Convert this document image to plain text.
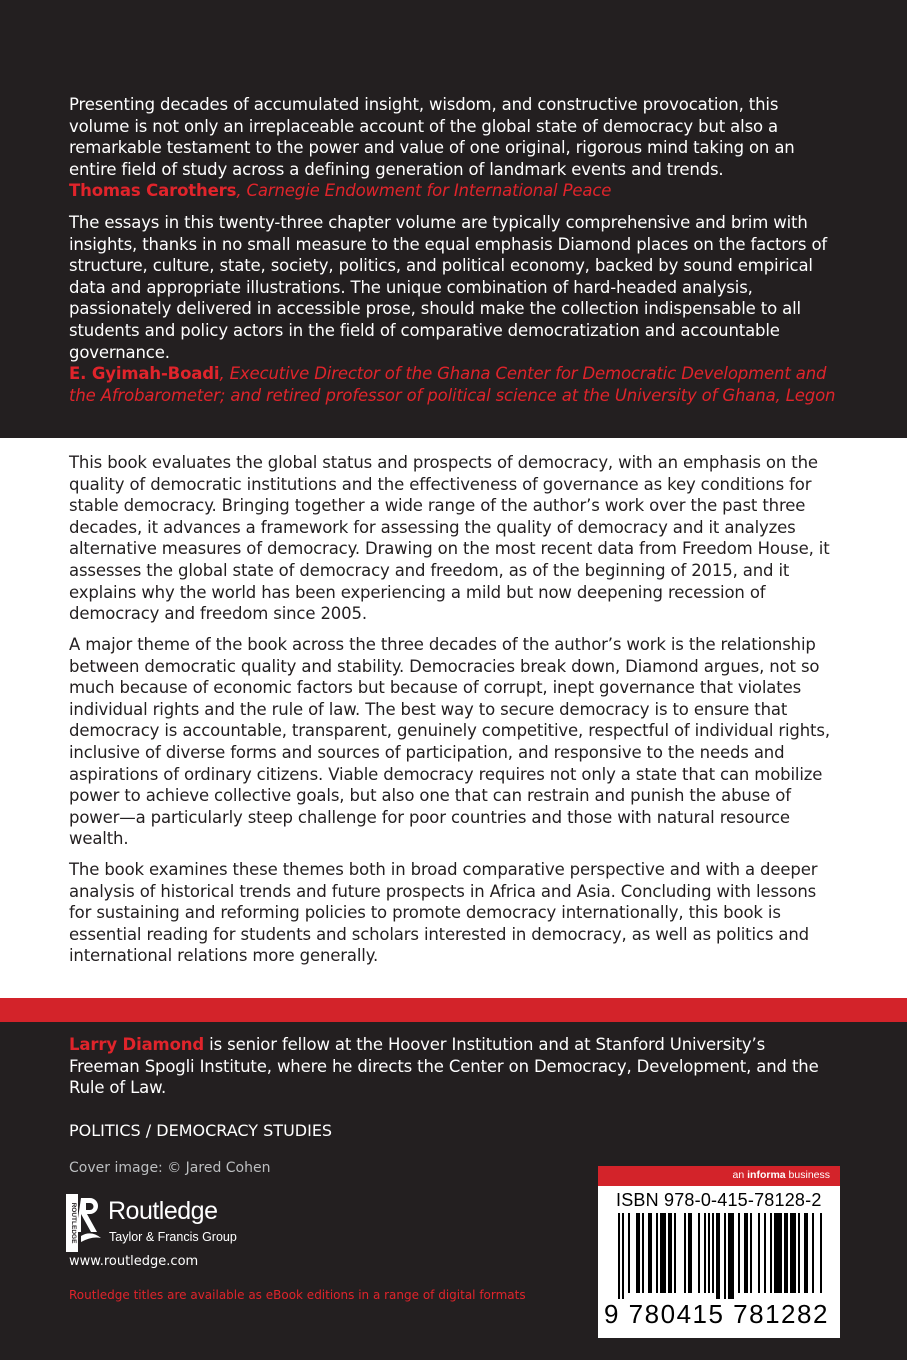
Presenting decades of accumulated insight, wisdom, and constructive provocation, this volume is not only an irreplaceable account of the global state of democracy but also a remarkable testament to the power and value of one original, rigorous mind taking on an entire field of study across a defining generation of landmark events and trends.

Thomas Carothers, Carnegie Endowment for International Peace

The essays in this twenty-three chapter volume are typically comprehensive and brim with insights, thanks in no small measure to the equal emphasis Diamond places on the factors of structure, culture, state, society, politics, and political economy, backed by sound empirical data and appropriate illustrations. The unique combination of hard-headed analysis, passionately delivered in accessible prose, should make the collection indispensable to all students and policy actors in the field of comparative democratization and accountable governance.

E. Gyimah-Boadi, Executive Director of the Ghana Center for Democratic Development and the Afrobarometer; and retired professor of political science at the University of Ghana, Legon

This book evaluates the global status and prospects of democracy, with an emphasis on the quality of democratic institutions and the effectiveness of governance as key conditions for stable democracy. Bringing together a wide range of the author’s work over the past three decades, it advances a framework for assessing the quality of democracy and it analyzes alternative measures of democracy. Drawing on the most recent data from Freedom House, it assesses the global state of democracy and freedom, as of the beginning of 2015, and it explains why the world has been experiencing a mild but now deepening recession of democracy and freedom since 2005.

A major theme of the book across the three decades of the author’s work is the relationship between democratic quality and stability. Democracies break down, Diamond argues, not so much because of economic factors but because of corrupt, inept governance that violates individual rights and the rule of law. The best way to secure democracy is to ensure that democracy is accountable, transparent, genuinely competitive, respectful of individual rights, inclusive of diverse forms and sources of participation, and responsive to the needs and aspirations of ordinary citizens. Viable democracy requires not only a state that can mobilize power to achieve collective goals, but also one that can restrain and punish the abuse of power—a particularly steep challenge for poor countries and those with natural resource wealth.

The book examines these themes both in broad comparative perspective and with a deeper analysis of historical trends and future prospects in Africa and Asia. Concluding with lessons for sustaining and reforming policies to promote democracy internationally, this book is essential reading for students and scholars interested in democracy, as well as politics and international relations more generally.

Larry Diamond is senior fellow at the Hoover Institution and at Stanford University’s Freeman Spogli Institute, where he directs the Center on Democracy, Development, and the Rule of Law.
POLITICS / DEMOCRACY STUDIES
Cover image: © Jared Cohen
ROUTLEDGE Routledge
Taylor & Francis Group
www.routledge.com
Routledge titles are available as eBook editions in a range of digital formats
an informa business
ISBN 978-0-415-78128-2
9 780415 781282
